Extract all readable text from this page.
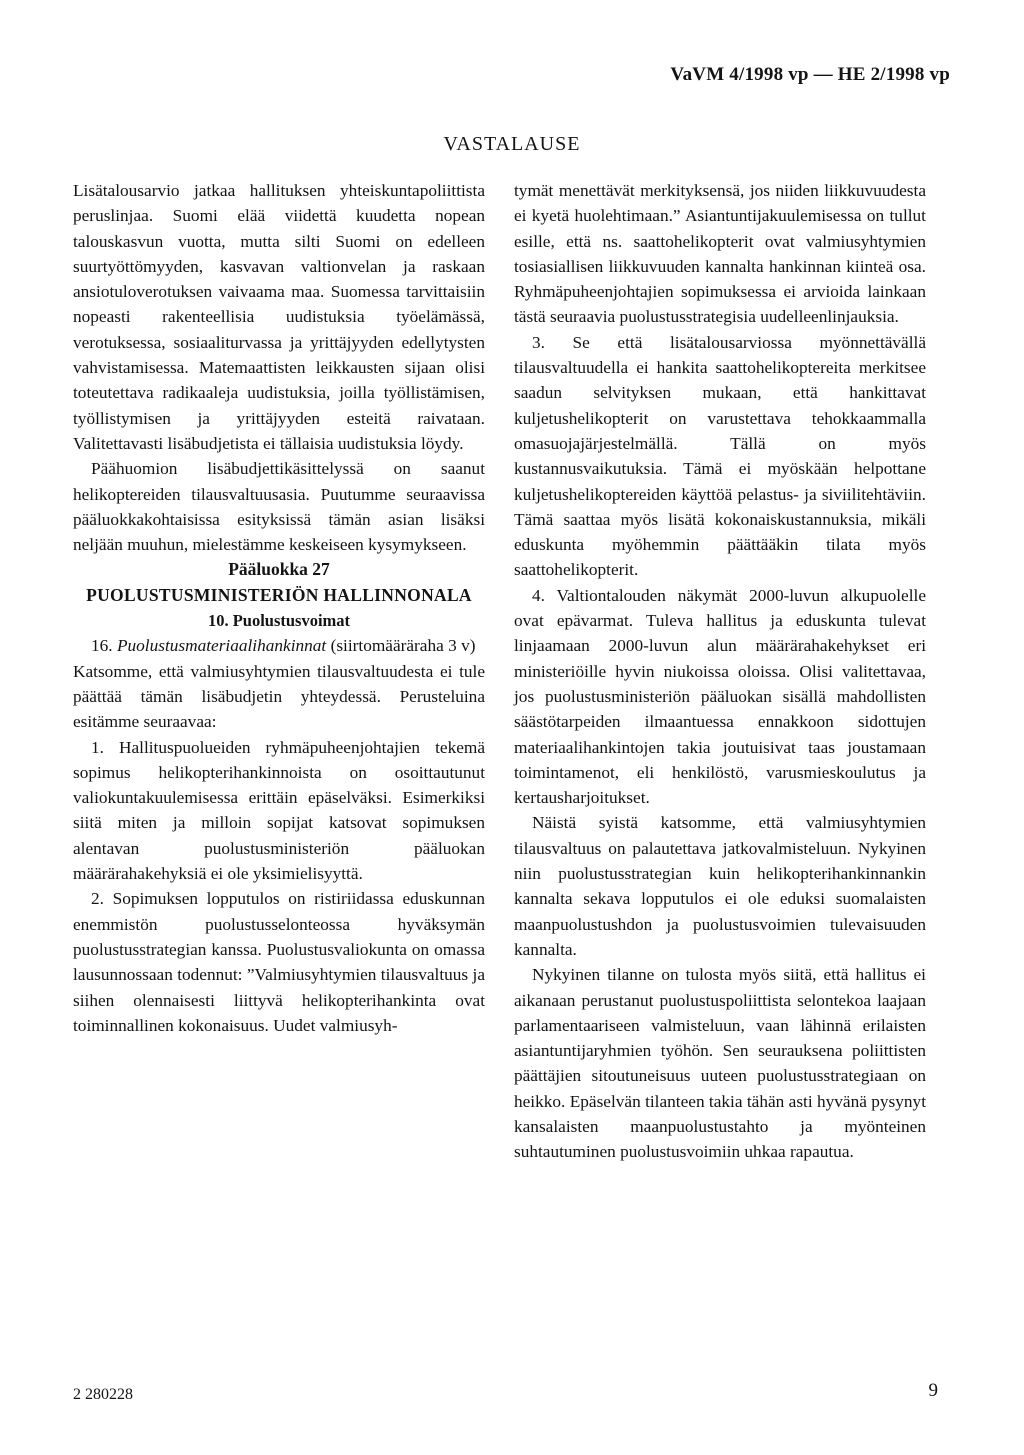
VaVM 4/1998 vp — HE 2/1998 vp
VASTALAUSE

Lisätalousarvio jatkaa hallituksen yhteiskuntapoliittista peruslinjaa. Suomi elää viidettä kuudetta nopean talouskasvun vuotta, mutta silti Suomi on edelleen suurtyöttömyyden, kasvavan valtionvelan ja raskaan ansiotuloverotuksen vaivaama maa. Suomessa tarvittaisiin nopeasti rakenteellisia uudistuksia työelämässä, verotuksessa, sosiaaliturvassa ja yrittäjyyden edellytysten vahvistamisessa. Matemaattisten leikkausten sijaan olisi toteutettava radikaaleja uudistuksia, joilla työllistämisen, työllistymisen ja yrittäjyyden esteitä raivataan. Valitettavasti lisäbudjetista ei tällaisia uudistuksia löydy.

Päähuomion lisäbudjettikäsittelyssä on saanut helikoptereiden tilausvaltuusasia. Puutumme seuraavissa pääluokkakohtaisissa esityksissä tämän asian lisäksi neljään muuhun, mielestämme keskeiseen kysymykseen.

Pääluokka 27

PUOLUSTUSMINISTERIÖN HALLINNONALA

10. Puolustusvoimat

16. Puolustusmateriaalihankinnat (siirtomääräraha 3 v)

Katsomme, että valmiusyhtymien tilausvaltuudesta ei tule päättää tämän lisäbudjetin yhteydessä. Perusteluina esitämme seuraavaa:

1. Hallituspuolueiden ryhmäpuheenjohtajien tekemä sopimus helikopterihankinnoista on osoittautunut valiokuntakuulemisessa erittäin epäselväksi. Esimerkiksi siitä miten ja milloin sopijat katsovat sopimuksen alentavan puolustusministeriön pääluokan määrärahakehyksiä ei ole yksimielisyyttä.

2. Sopimuksen lopputulos on ristiriidassa eduskunnan enemmistön puolustusselonteossa hyväksymän puolustusstrategian kanssa. Puolustusvaliokunta on omassa lausunnossaan todennut: ”Valmiusyhtymien tilausvaltuus ja siihen olennaisesti liittyvä helikopterihankinta ovat toiminnallinen kokonaisuus. Uudet valmiusyh-

tymät menettävät merkityksensä, jos niiden liikkuvuudesta ei kyetä huolehtimaan.” Asiantuntijakuulemisessa on tullut esille, että ns. saattohelikopterit ovat valmiusyhtymien tosiasiallisen liikkuvuuden kannalta hankinnan kiinteä osa. Ryhmäpuheenjohtajien sopimuksessa ei arvioida lainkaan tästä seuraavia puolustusstrategisia uudelleenlinjauksia.

3. Se että lisätalousarviossa myönnettävällä tilausvaltuudella ei hankita saattohelikoptereita merkitsee saadun selvityksen mukaan, että hankittavat kuljetushelikopterit on varustettava tehokkaammalla omasuojajärjestelmällä. Tällä on myös kustannusvaikutuksia. Tämä ei myöskään helpottane kuljetushelikoptereiden käyttöä pelastus- ja siviilitehtäviin. Tämä saattaa myös lisätä kokonaiskustannuksia, mikäli eduskunta myöhemmin päättääkin tilata myös saattohelikopterit.

4. Valtiontalouden näkymät 2000-luvun alkupuolelle ovat epävarmat. Tuleva hallitus ja eduskunta tulevat linjaamaan 2000-luvun alun määrärahakehykset eri ministeriöille hyvin niukoissa oloissa. Olisi valitettavaa, jos puolustusministeriön pääluokan sisällä mahdollisten säästötarpeiden ilmaantuessa ennakkoon sidottujen materiaalihankintojen takia joutuisivat taas joustamaan toimintamenot, eli henkilöstö, varusmieskoulutus ja kertausharjoitukset.

Näistä syistä katsomme, että valmiusyhtymien tilausvaltuus on palautettava jatkovalmisteluun. Nykyinen niin puolustusstrategian kuin helikopterihankinnankin kannalta sekava lopputulos ei ole eduksi suomalaisten maanpuolustushdon ja puolustusvoimien tulevaisuuden kannalta.

Nykyinen tilanne on tulosta myös siitä, että hallitus ei aikanaan perustanut puolustuspoliittista selontekoa laajaan parlamentaariseen valmisteluun, vaan lähinnä erilaisten asiantuntijaryhmien työhön. Sen seurauksena poliittisten päättäjien sitoutuneisuus uuteen puolustusstrategiaan on heikko. Epäselvän tilanteen takia tähän asti hyvänä pysynyt kansalaisten maanpuolustustahto ja myönteinen suhtautuminen puolustusvoimiin uhkaa rapautua.

2 280228	9
